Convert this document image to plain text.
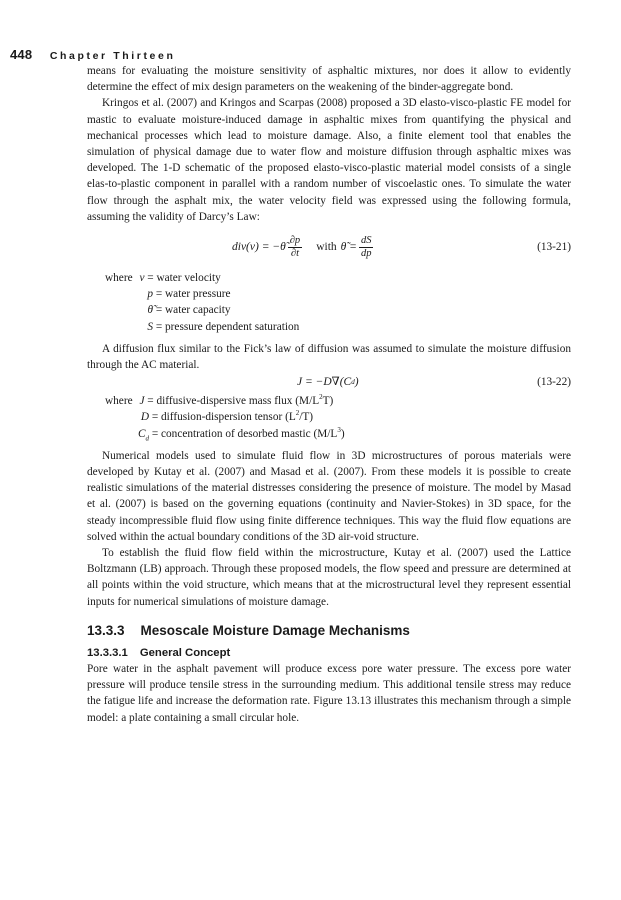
448 Chapter Thirteen

means for evaluating the moisture sensitivity of asphaltic mixtures, nor does it allow to evidently determine the effect of mix design parameters on the weakening of the binder-aggregate bond.

Kringos et al. (2007) and Kringos and Scarpas (2008) proposed a 3D elasto-visco-plastic FE model for mastic to evaluate moisture-induced damage in asphaltic mixes from quantifying the physical and mechanical processes which lead to moisture damage. Also, a finite element tool that enables the simulation of physical damage due to water flow and moisture diffusion through asphaltic mixes was developed. The 1-D schematic of the proposed elasto-visco-plastic material model consists of a single elas-to-plastic component in parallel with a random number of viscoelastic ones. To simulate the water flow through the asphalt mix, the water velocity field was expressed using the following formula, assuming the validity of Darcy’s Law:

div(v) = −θ̃ $\frac{\partial p}{\partial t}$ with θ̃ = $\frac{dS}{dp}$	(13-21)
where v = water velocity
p = water pressure
θ̃ = water capacity
S = pressure dependent saturation

A diffusion flux similar to the Fick’s law of diffusion was assumed to simulate the moisture diffusion through the AC material.

J = −D∇(C d )	(13-22)
where J = diffusive-dispersive mass flux $(M/L^2T)$
D = diffusion-dispersion tensor $(L^2/T)$
$C_d$ = concentration of desorbed mastic $(M/L^3)$

Numerical models used to simulate fluid flow in 3D microstructures of porous materials were developed by Kutay et al. (2007) and Masad et al. (2007). From these models it is possible to create realistic simulations of the material distresses considering the presence of moisture. The model by Masad et al. (2007) is based on the governing equations (continuity and Navier-Stokes) in 3D space, for the steady incompressible fluid flow using finite difference techniques. This way the fluid flow equations are solved within the actual boundary conditions of the 3D air-void structure.

To establish the fluid flow field within the microstructure, Kutay et al. (2007) used the Lattice Boltzmann (LB) approach. Through these proposed models, the flow speed and pressure are determined at all points within the void structure, which means that at the microstructural level they represent essential inputs for numerical simulations of moisture damage.

13.3.3 Mesoscale Moisture Damage Mechanisms
13.3.3.1 General Concept

Pore water in the asphalt pavement will produce excess pore water pressure. The excess pore water pressure will produce tensile stress in the surrounding medium. This additional tensile stress may reduce the fatigue life and increase the deformation rate. Figure 13.13 illustrates this mechanism through a simple model: a plate containing a small circular hole.
